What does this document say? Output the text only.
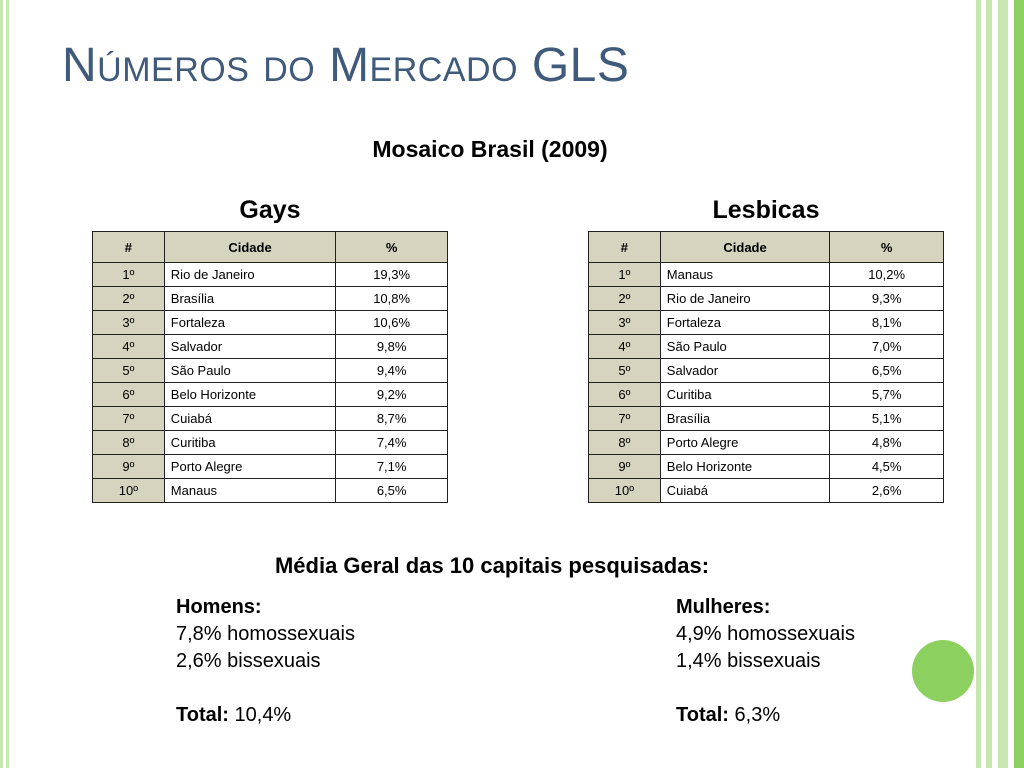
Números do Mercado GLS
Mosaico Brasil (2009)
Gays	Lesbicas
#	Cidade	%
1º	Rio de Janeiro	19,3%
2º	Brasília	10,8%
3º	Fortaleza	10,6%
4º	Salvador	9,8%
5º	São Paulo	9,4%
6º	Belo Horizonte	9,2%
7º	Cuiabá	8,7%
8º	Curitiba	7,4%
9º	Porto Alegre	7,1%
10º	Manaus	6,5%
#	Cidade	%
1º	Manaus	10,2%
2º	Rio de Janeiro	9,3%
3º	Fortaleza	8,1%
4º	São Paulo	7,0%
5º	Salvador	6,5%
6º	Curitiba	5,7%
7º	Brasília	5,1%
8º	Porto Alegre	4,8%
9º	Belo Horizonte	4,5%
10º	Cuiabá	2,6%
Média Geral das 10 capitais pesquisadas:
Homens:
7,8% homossexuais
2,6% bissexuais
Total: 10,4%
Mulheres:
4,9% homossexuais
1,4% bissexuais
Total: 6,3%
